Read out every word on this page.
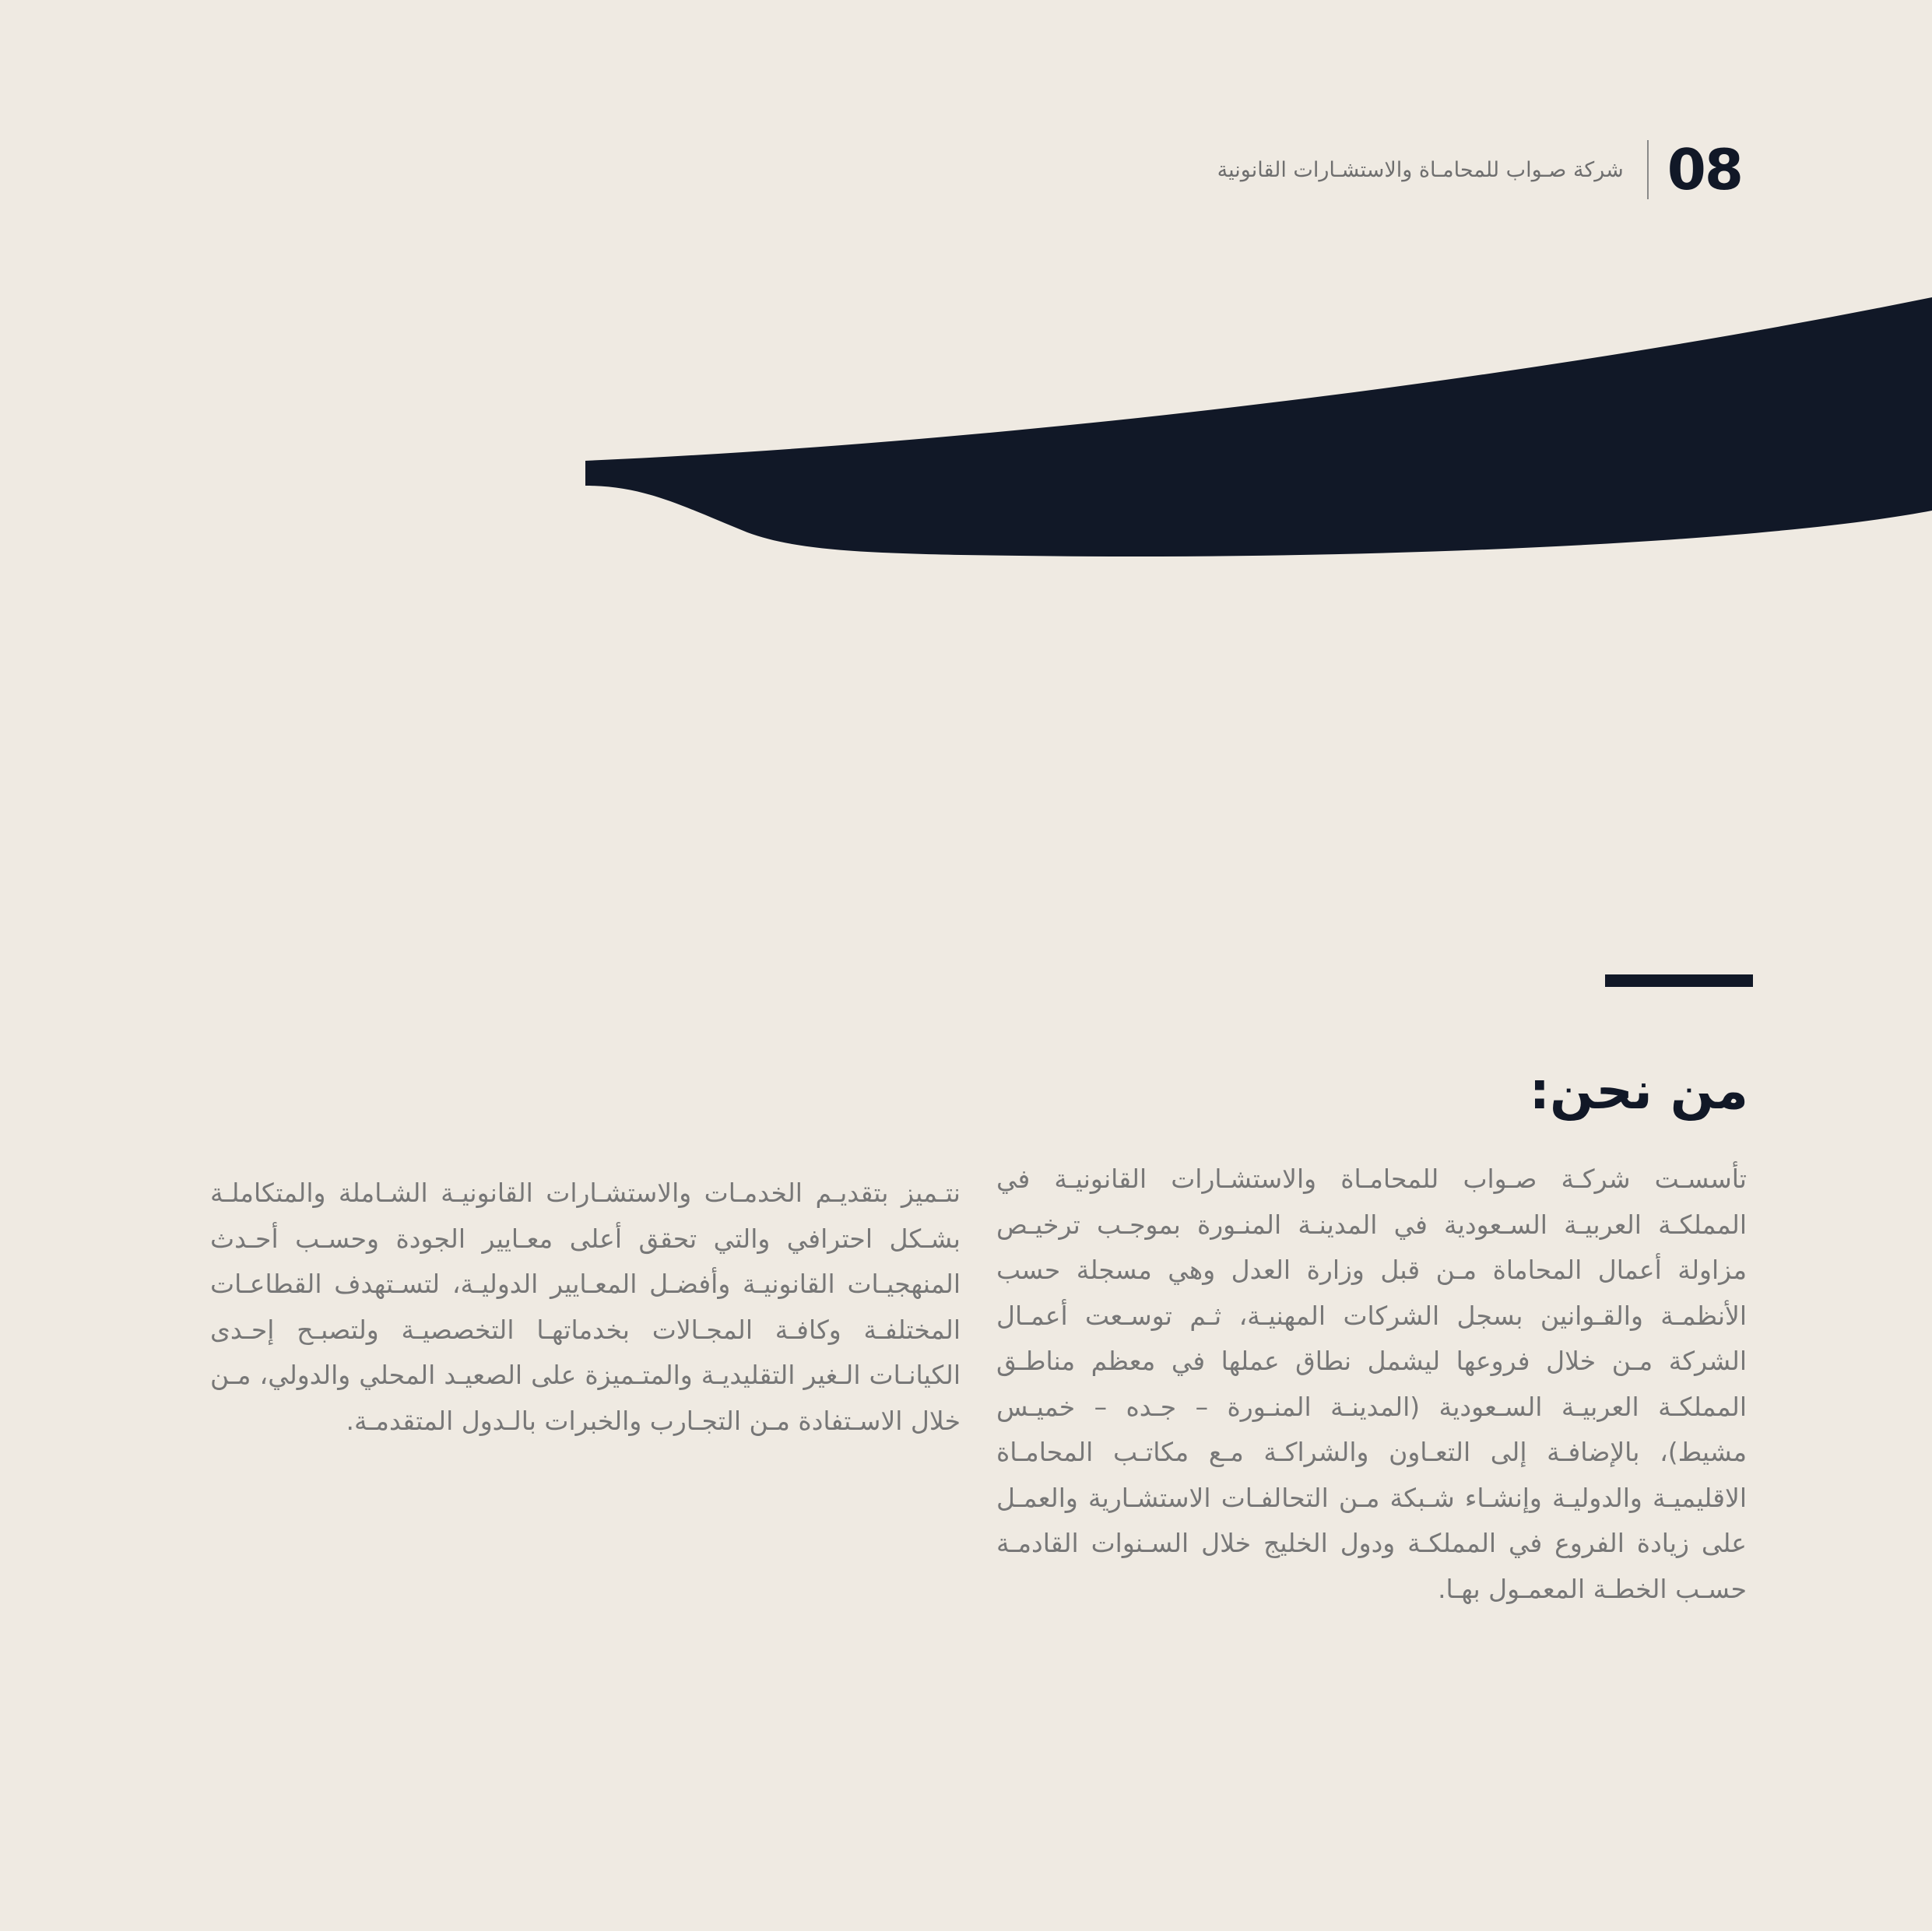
08
شركة صـواب للمحامـاة والاستشـارات القانونية
من نحن:

تأسسـت شركـة صـواب للمحامـاة والاستشـارات القانونيـة في المملكـة العربيـة السـعودية في المدينـة المنـورة بموجـب ترخيـص مزاولة أعمال المحاماة مـن قبل وزارة العدل وهي مسجلة حسب الأنظمـة والقـوانين بسجل الشركات المهنيـة، ثـم توسـعت أعمـال الشركة مـن خلال فروعها ليشمل نطاق عملها في معظم مناطـق المملكـة العربيـة السـعودية (المدينـة المنـورة – جـده – خميـس مشيط)، بالإضافـة إلى التعـاون والشراكـة مـع مكاتـب المحامـاة الاقليميـة والدوليـة وإنشـاء شـبكة مـن التحالفـات الاستشـارية والعمـل على زيادة الفروع في المملكـة ودول الخليج خلال السـنوات القادمـة حسـب الخطـة المعمـول بهـا.

نتـميز بتقديـم الخدمـات والاستشـارات القانونيـة الشـاملة والمتكاملـة بشـكل احترافي والتي تحقق أعلى معـايير الجودة وحسـب أحـدث المنهجيـات القانونيـة وأفضـل المعـايير الدوليـة، لتسـتهدف القطاعـات المختلفـة وكافـة المجـالات بخدماتهـا التخصصيـة ولتصبـح إحـدى الكيانـات الـغير التقليديـة والمتـميزة على الصعيـد المحلي والدولي، مـن خلال الاسـتفادة مـن التجـارب والخبرات بالـدول المتقدمـة.
